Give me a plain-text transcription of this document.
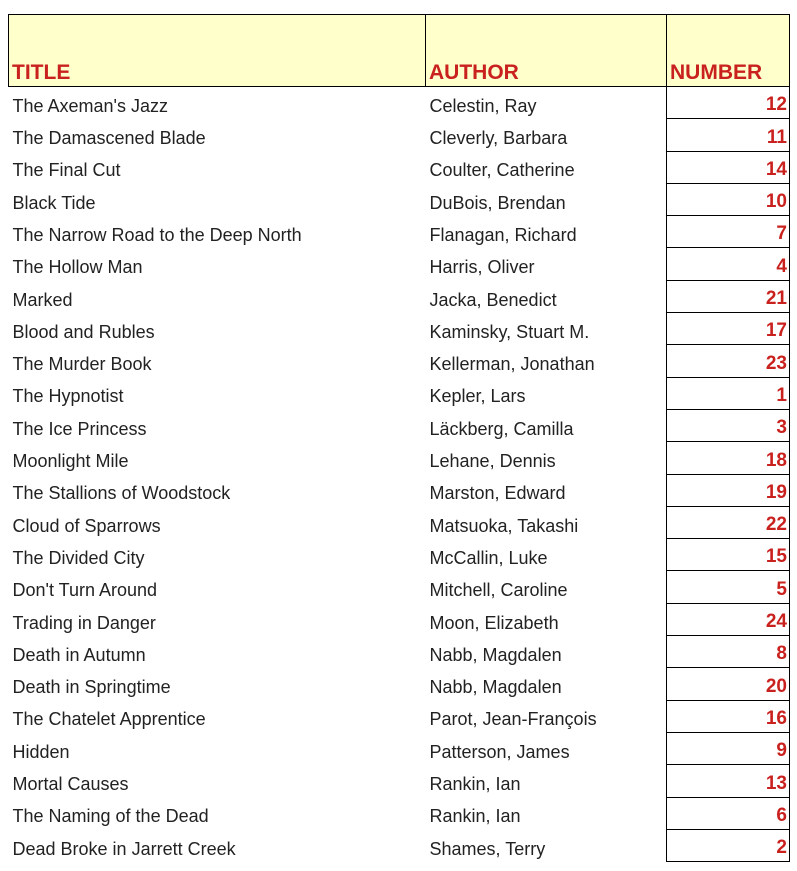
TITLE	AUTHOR	NUMBER
The Axeman's Jazz	Celestin, Ray	12
The Damascened Blade	Cleverly, Barbara	11
The Final Cut	Coulter, Catherine	14
Black Tide	DuBois, Brendan	10
The Narrow Road to the Deep North	Flanagan, Richard	7
The Hollow Man	Harris, Oliver	4
Marked	Jacka, Benedict	21
Blood and Rubles	Kaminsky, Stuart M.	17
The Murder Book	Kellerman, Jonathan	23
The Hypnotist	Kepler, Lars	1
The Ice Princess	Läckberg, Camilla	3
Moonlight Mile	Lehane, Dennis	18
The Stallions of Woodstock	Marston, Edward	19
Cloud of Sparrows	Matsuoka, Takashi	22
The Divided City	McCallin, Luke	15
Don't Turn Around	Mitchell, Caroline	5
Trading in Danger	Moon, Elizabeth	24
Death in Autumn	Nabb, Magdalen	8
Death in Springtime	Nabb, Magdalen	20
The Chatelet Apprentice	Parot, Jean-François	16
Hidden	Patterson, James	9
Mortal Causes	Rankin, Ian	13
The Naming of the Dead	Rankin, Ian	6
Dead Broke in Jarrett Creek	Shames, Terry	2
